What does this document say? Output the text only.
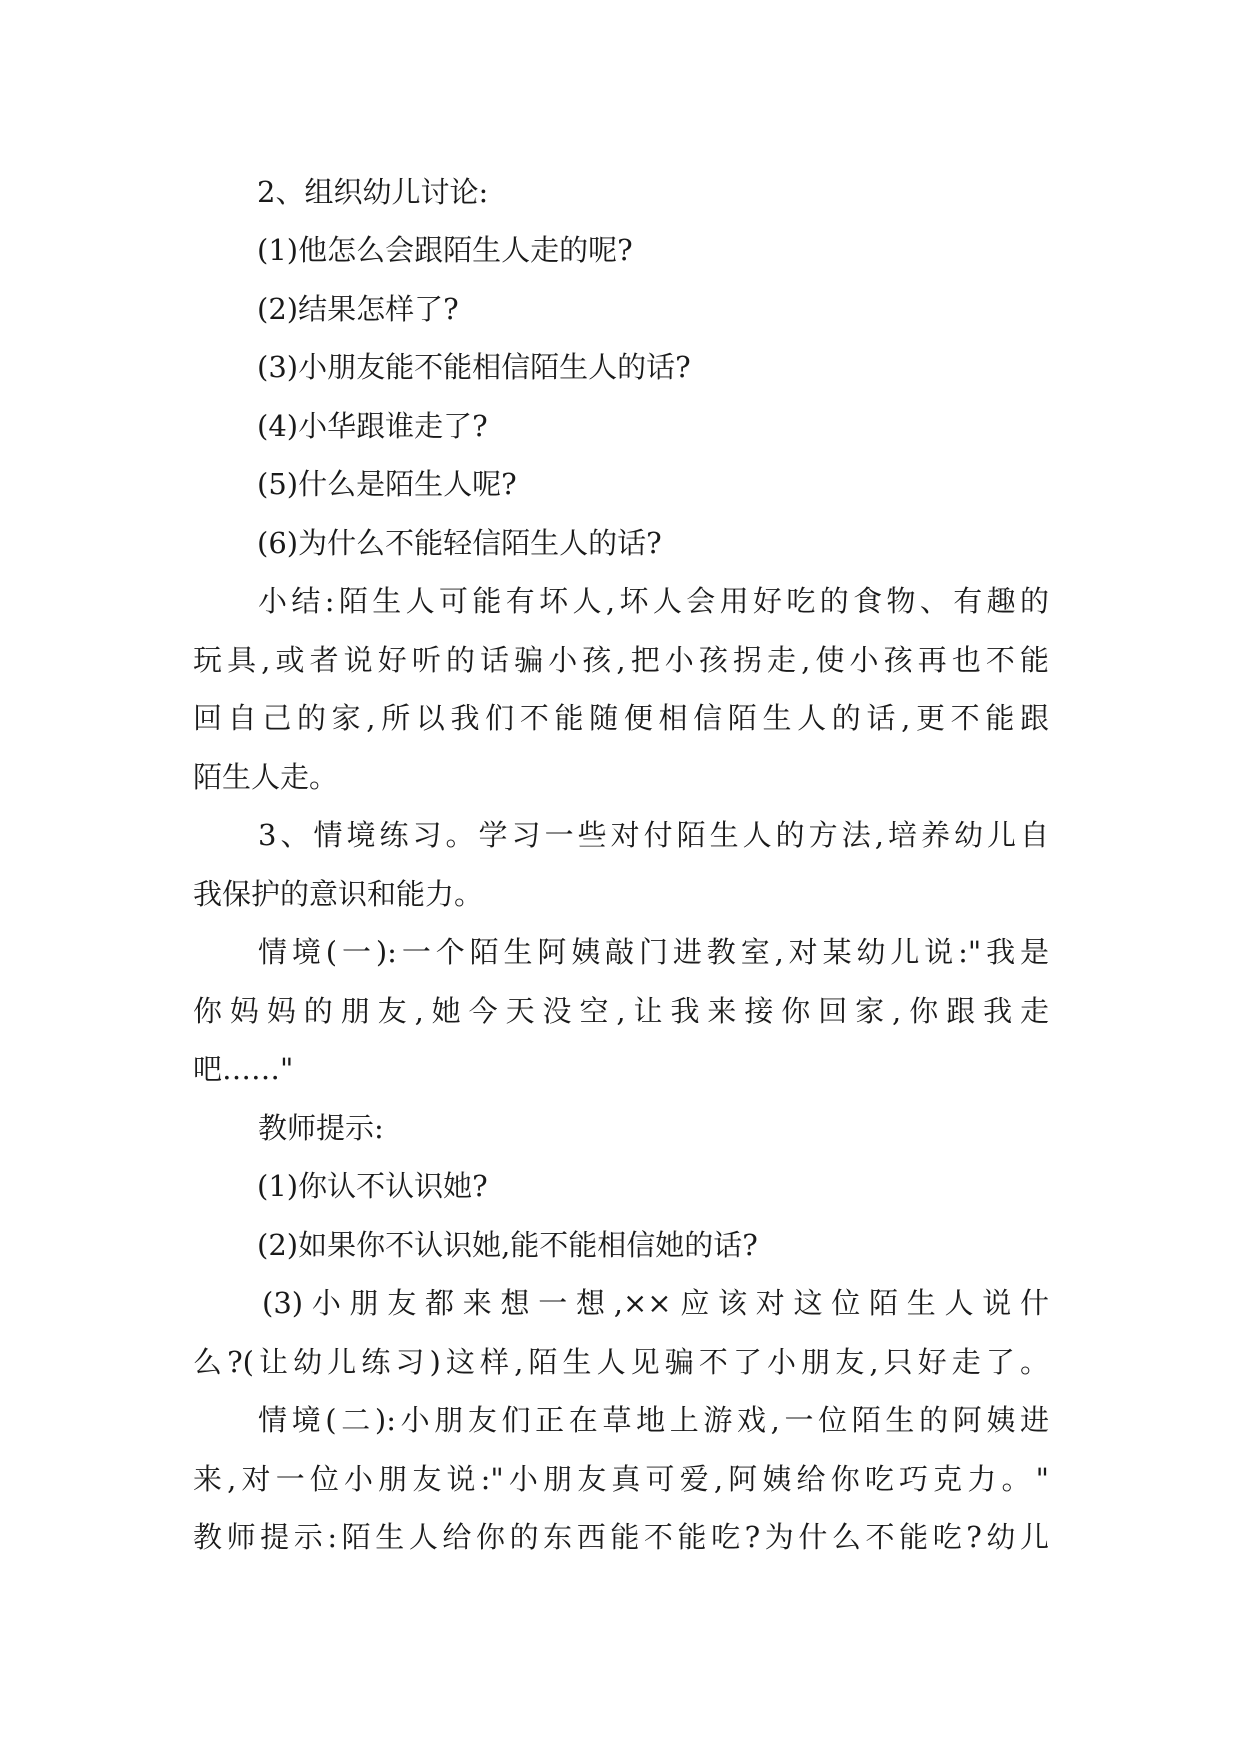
2、组织幼儿讨论:
(1)他怎么会跟陌生人走的呢?
(2)结果怎样了?
(3)小朋友能不能相信陌生人的话?
(4)小华跟谁走了?
(5)什么是陌生人呢?
(6)为什么不能轻信陌生人的话?
小结:陌生人可能有坏人,坏人会用好吃的食物、有趣的
玩具,或者说好听的话骗小孩,把小孩拐走,使小孩再也不能
回自己的家,所以我们不能随便相信陌生人的话,更不能跟
陌生人走。
3、情境练习。学习一些对付陌生人的方法,培养幼儿自
我保护的意识和能力。
情境(一):一个陌生阿姨敲门进教室,对某幼儿说:"我是
你妈妈的朋友,她今天没空,让我来接你回家,你跟我走
吧……"
教师提示:
(1)你认不认识她?
(2)如果你不认识她,能不能相信她的话?
(3)小朋友都来想一想,××应该对这位陌生人说什
么?(让幼儿练习)这样,陌生人见骗不了小朋友,只好走了。
情境(二):小朋友们正在草地上游戏,一位陌生的阿姨进
来,对一位小朋友说:"小朋友真可爱,阿姨给你吃巧克力。"
教师提示:陌生人给你的东西能不能吃?为什么不能吃?幼儿
